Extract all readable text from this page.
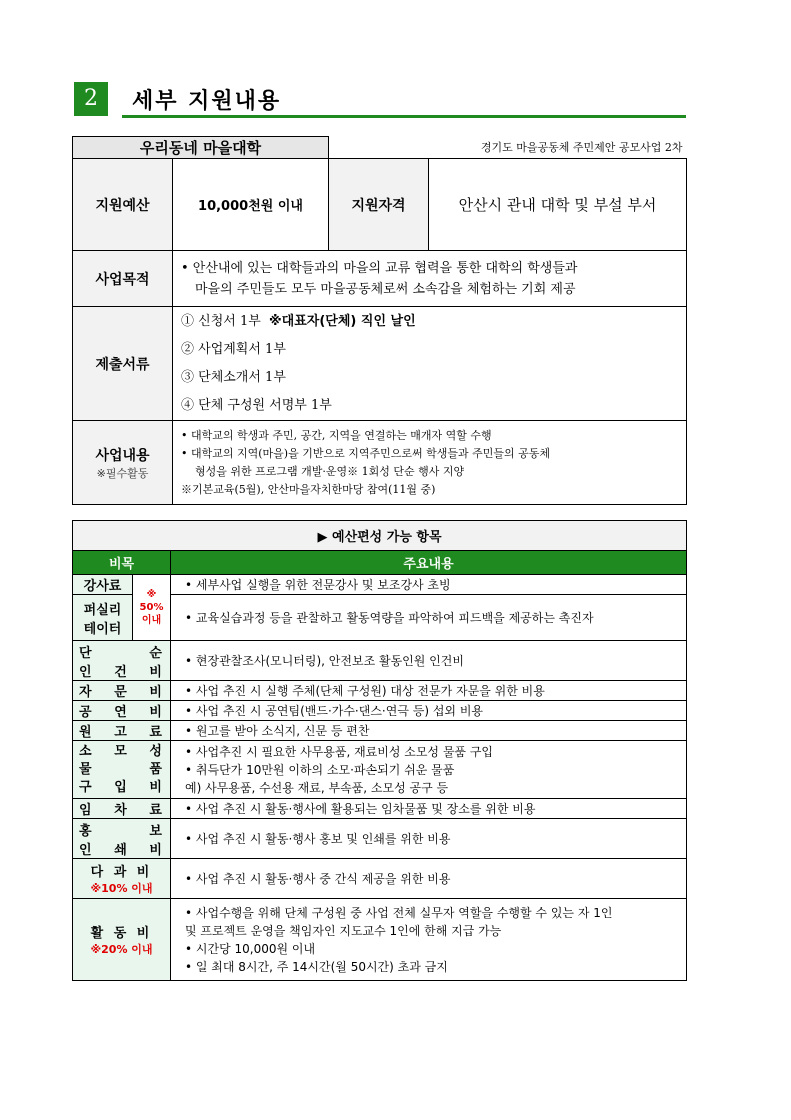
2	세부 지원내용
우리동네 마을대학		경기도 마을공동체 주민제안 공모사업 2차	
지원예산	10,000천원 이내	지원자격	안산시 관내 대학 및 부설 부서
사업목적	• 안산내에 있는 대학들과의 마을의 교류 협력을 통한 대학의 학생들과
마을의 주민들도 모두 마을공동체로써 소속감을 체험하는 기회 제공		

제출서류	① 신청서 1부 ※대표자(단체) 직인 날인
② 사업계획서 1부
③ 단체소개서 1부
④ 단체 구성원 서명부 1부		

사업내용
※필수활동	• 대학교의 학생과 주민, 공간, 지역을 연결하는 매개자 역할 수행
• 대학교의 지역(마을)을 기반으로 지역주민으로써 학생들과 주민들의 공동체
형성을 위한 프로그램 개발·운영※ 1회성 단순 행사 지양
※기본교육(5월), 안산마을자치한마당 참여(11월 중)		
▶ 예산편성 가능 항목		
비목		주요내용
강사료	※ 50% 이내	• 세부사업 실행을 위한 전문강사 및 보조강사 초빙

퍼실리
테이터		• 교육실습과정 등을 관찰하고 활동역량을 파악하여 피드백을 제공하는 촉진자

단 순
인 건 비		• 현장관찰조사(모니터링), 안전보조 활동인원 인건비

자 문 비		• 사업 추진 시 실행 주체(단체 구성원) 대상 전문가 자문을 위한 비용

공 연 비		• 사업 추진 시 공연팀(밴드·가수·댄스·연극 등) 섭외 비용

원 고 료		• 원고를 받아 소식지, 신문 등 편찬

소 모 성
물 품
구 입 비		• 사업추진 시 필요한 사무용품, 재료비성 소모성 물품 구입
• 취득단가 10만원 이하의 소모·파손되기 쉬운 물품
예) 사무용품, 수선용 재료, 부속품, 소모성 공구 등

임 차 료		• 사업 추진 시 활동·행사에 활용되는 임차물품 및 장소를 위한 비용

홍 보
인 쇄 비		• 사업 추진 시 활동·행사 홍보 및 인쇄를 위한 비용

다 과 비
※10% 이내		• 사업 추진 시 활동·행사 중 간식 제공을 위한 비용

활 동 비
※20% 이내		• 사업수행을 위해 단체 구성원 중 사업 전체 실무자 역할을 수행할 수 있는 자 1인
및 프로젝트 운영을 책임자인 지도교수 1인에 한해 지급 가능
• 시간당 10,000원 이내
• 일 최대 8시간, 주 14시간(월 50시간) 초과 금지
